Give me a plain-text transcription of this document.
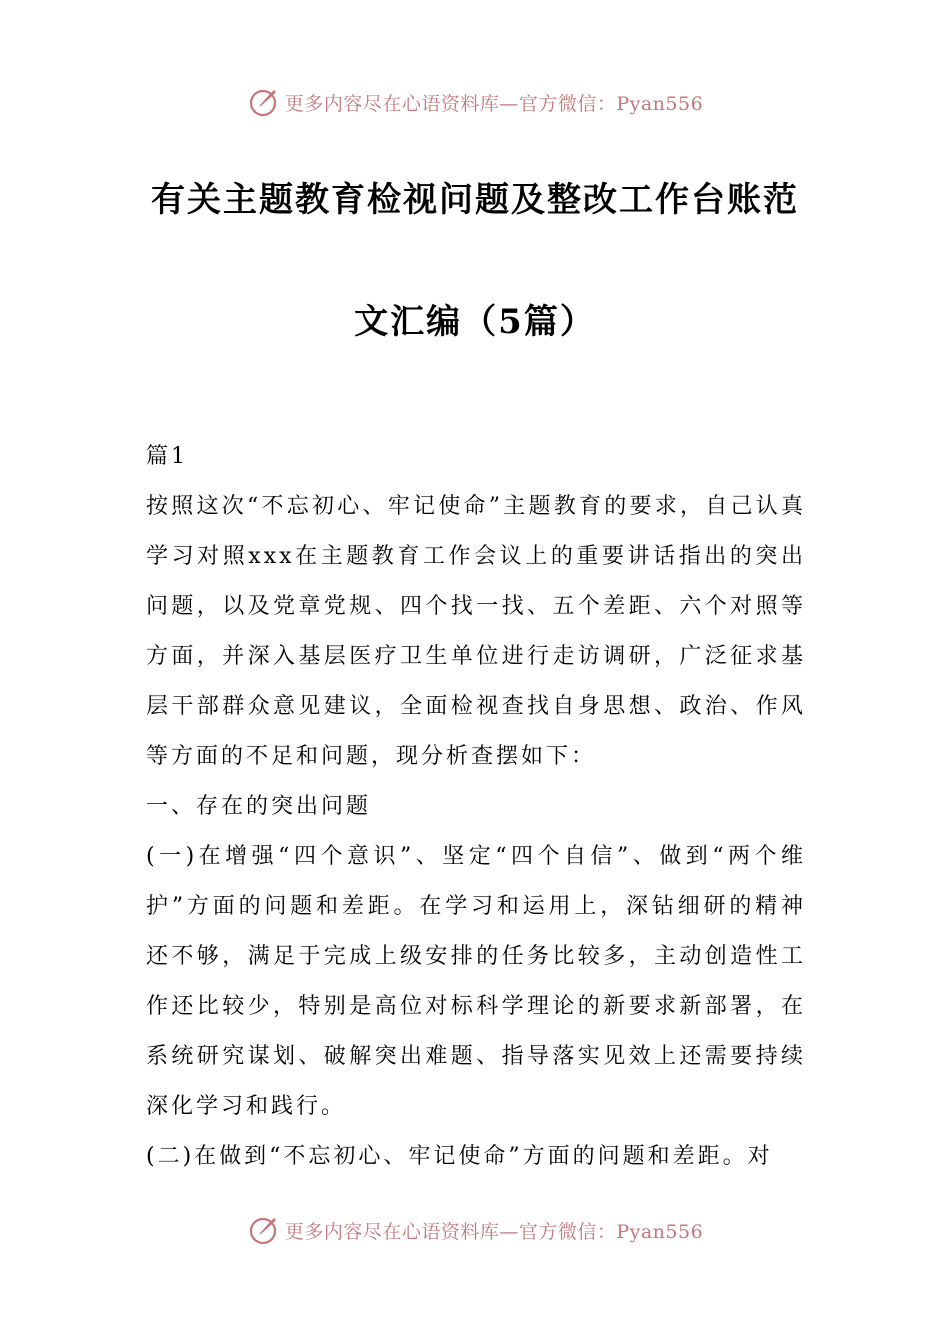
更多内容尽在心语资料库—官方微信：Pyan556
有关主题教育检视问题及整改工作台账范
文汇编（5篇）

篇1

按照这次“不忘初心、牢记使命”主题教育的要求，自己认真学习对照xxx在主题教育工作会议上的重要讲话指出的突出问题，以及党章党规、四个找一找、五个差距、六个对照等方面，并深入基层医疗卫生单位进行走访调研，广泛征求基层干部群众意见建议，全面检视查找自身思想、政治、作风等方面的不足和问题，现分析查摆如下：

一、存在的突出问题

(一)在增强“四个意识”、坚定“四个自信”、做到“两个维护”方面的问题和差距。在学习和运用上，深钻细研的精神还不够，满足于完成上级安排的任务比较多，主动创造性工作还比较少，特别是高位对标科学理论的新要求新部署，在系统研究谋划、破解突出难题、指导落实见效上还需要持续深化学习和践行。

(二)在做到“不忘初心、牢记使命”方面的问题和差距。对

更多内容尽在心语资料库—官方微信：Pyan556
